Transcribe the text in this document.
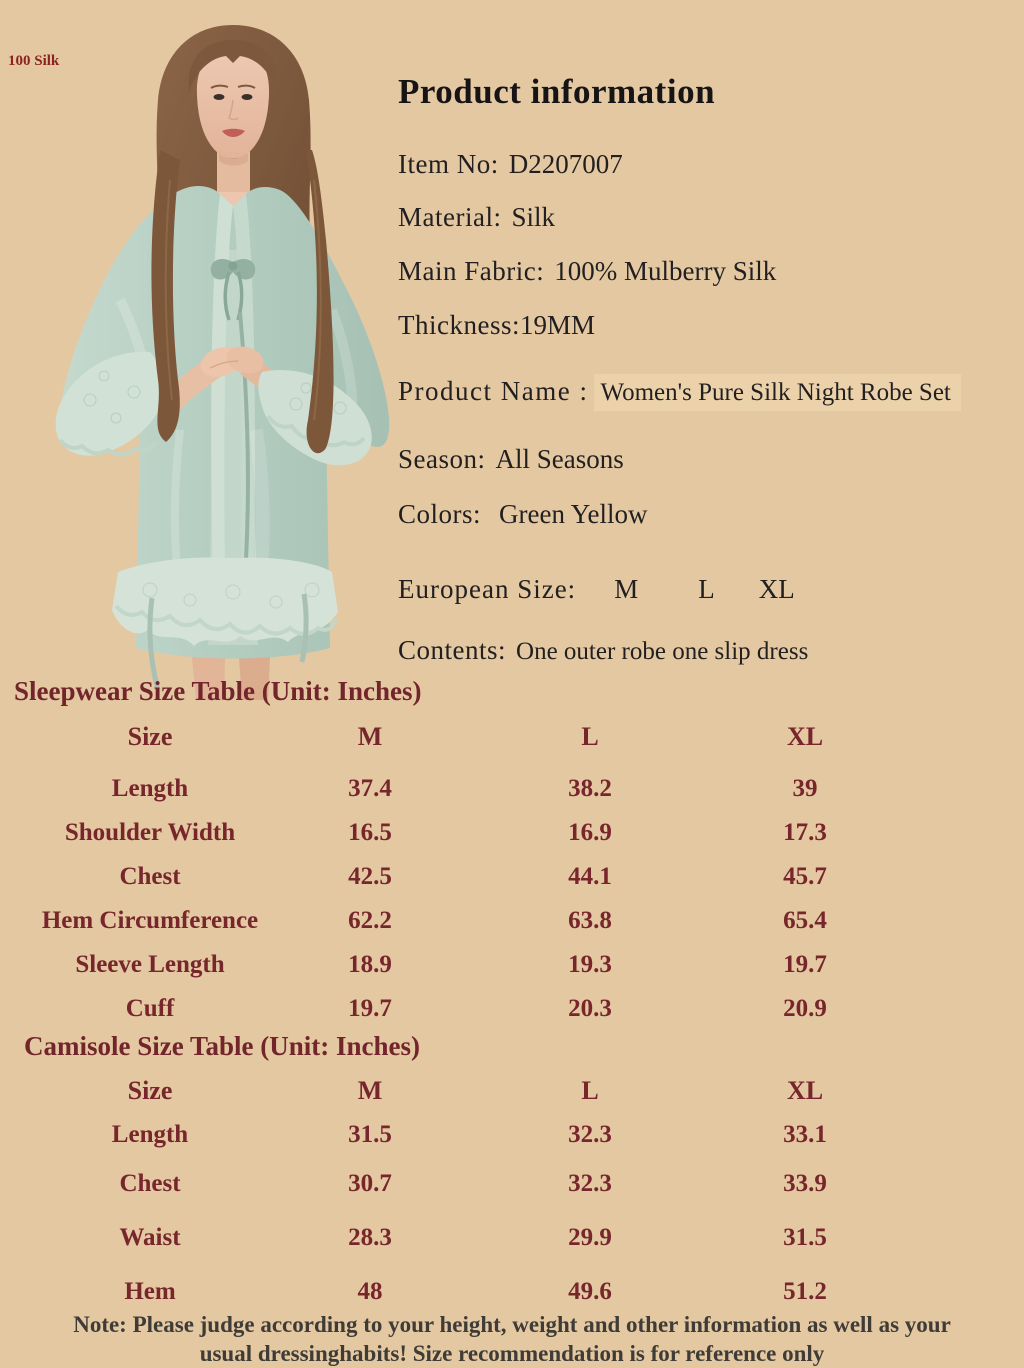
100 Silk
Product information
Item No: D2207007
Material: Silk
Main Fabric: 100% Mulberry Silk
Thickness:19MM
Product Name : Women's Pure Silk Night Robe Set
Season: All Seasons
Colors: Green Yellow
European Size: M L XL
Contents: One outer robe one slip dress
Sleepwear Size Table (Unit: Inches)
Size	M	L	XL
Length	37.4	38.2	39
Shoulder Width	16.5	16.9	17.3
Chest	42.5	44.1	45.7
Hem Circumference	62.2	63.8	65.4
Sleeve Length	18.9	19.3	19.7
Cuff	19.7	20.3	20.9
Camisole Size Table (Unit: Inches)
Size	M	L	XL
Length	31.5	32.3	33.1
Chest	30.7	32.3	33.9
Waist	28.3	29.9	31.5
Hem	48	49.6	51.2
Note: Please judge according to your height, weight and other information as well as your
usual dressinghabits! Size recommendation is for reference only
